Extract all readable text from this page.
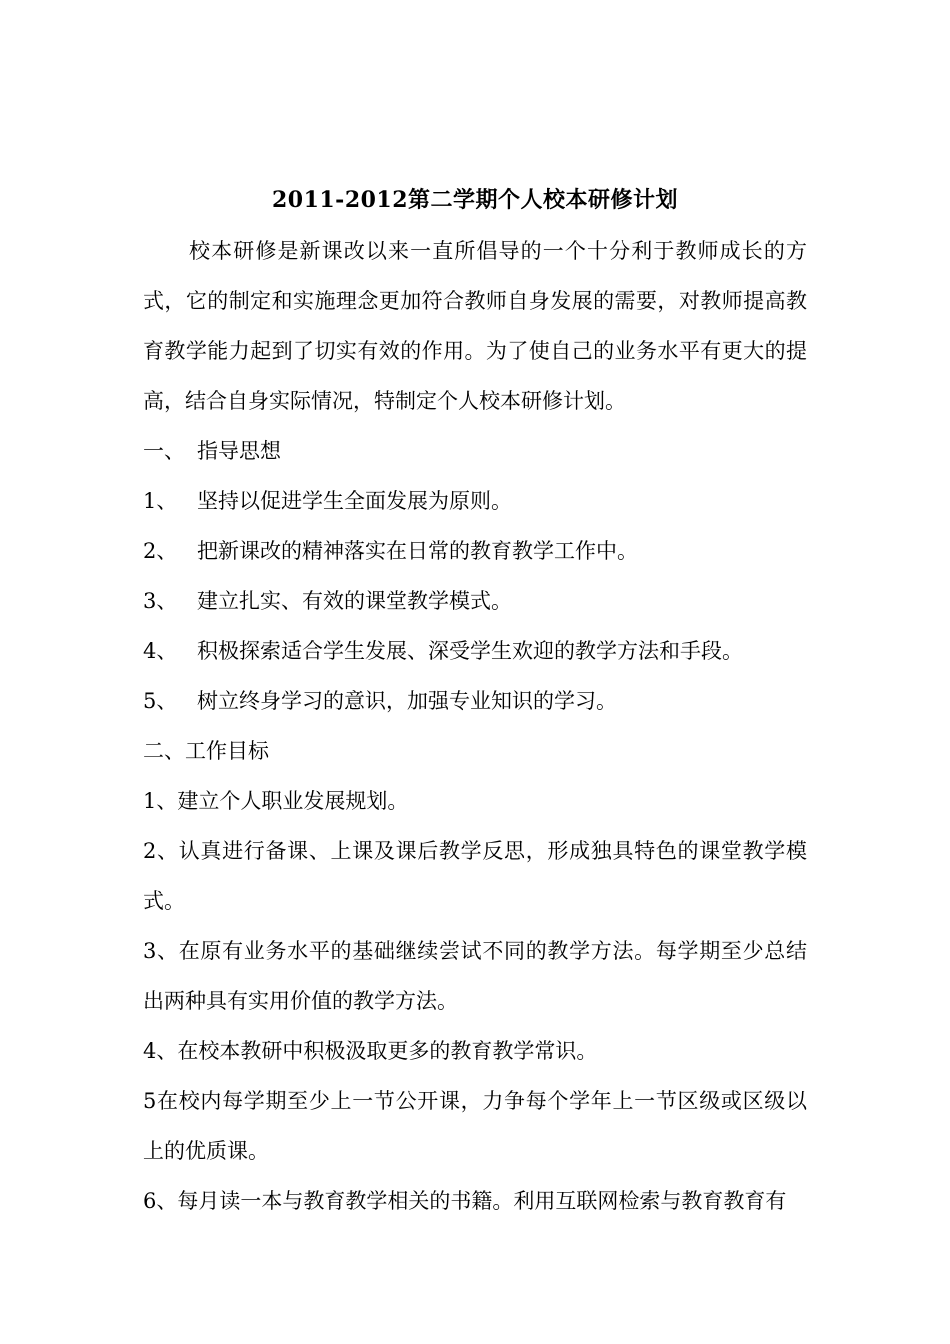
2011-2012第二学期个人校本研修计划

校本研修是新课改以来一直所倡导的一个十分利于教师成长的方式，它的制定和实施理念更加符合教师自身发展的需要，对教师提高教育教学能力起到了切实有效的作用。为了使自己的业务水平有更大的提高，结合自身实际情况，特制定个人校本研修计划。

一、 指导思想

1、 坚持以促进学生全面发展为原则。

2、 把新课改的精神落实在日常的教育教学工作中。

3、 建立扎实、有效的课堂教学模式。

4、 积极探索适合学生发展、深受学生欢迎的教学方法和手段。

5、 树立终身学习的意识，加强专业知识的学习。

二、工作目标

1、建立个人职业发展规划。

2、认真进行备课、上课及课后教学反思，形成独具特色的课堂教学模式。

3、在原有业务水平的基础继续尝试不同的教学方法。每学期至少总结出两种具有实用价值的教学方法。

4、在校本教研中积极汲取更多的教育教学常识。

5在校内每学期至少上一节公开课，力争每个学年上一节区级或区级以上的优质课。

6、每月读一本与教育教学相关的书籍。利用互联网检索与教育教育有
